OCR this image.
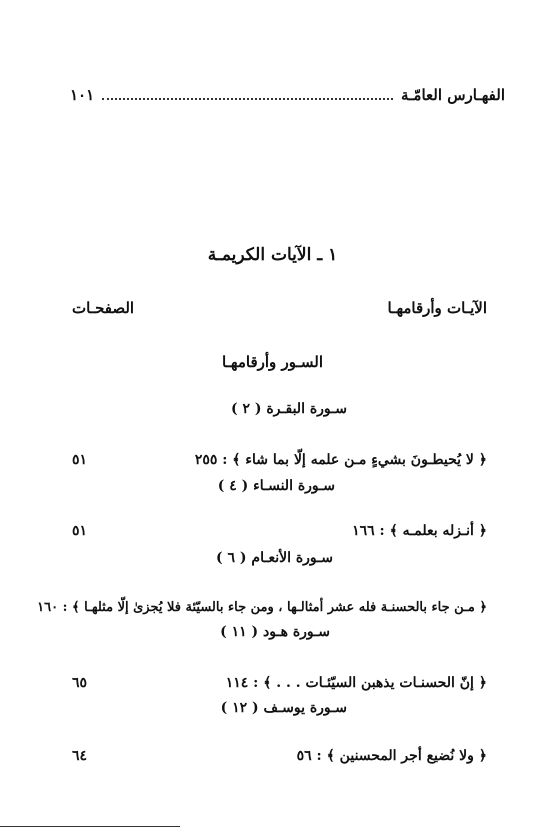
الفهـارس العامّـة
١٠١
١ ـ الآيات الكريمـة
الآيـات وأرقامهـا
الصفحـات
السـور وأرقامهـا
سـورة البقـرة ( ٢ )
﴿ لا يُحيطـونَ بشيءٍ مـن علمه إلّا بما شاء ﴾ : ٢٥٥
٥١
سـورة النسـاء ( ٤ )
﴿ أنـزله بعلمـه ﴾ : ١٦٦
٥١
سـورة الأنعـام ( ٦ )
﴿ مـن جاء بالحسنـة فله عشر أمثالـها ، ومن جاء بالسيّئة فلا يُجزىٰ إلّا مثلهـا ﴾ : ١٦٠
سـورة هـود ( ١١ )
﴿ إنّ الحسنـات يذهبن السيّئـات . . . ﴾ : ١١٤
٦٥
سـورة يوسـف ( ١٢ )
﴿ ولا نُضيع أجر المحسنين ﴾ : ٥٦
٦٤
